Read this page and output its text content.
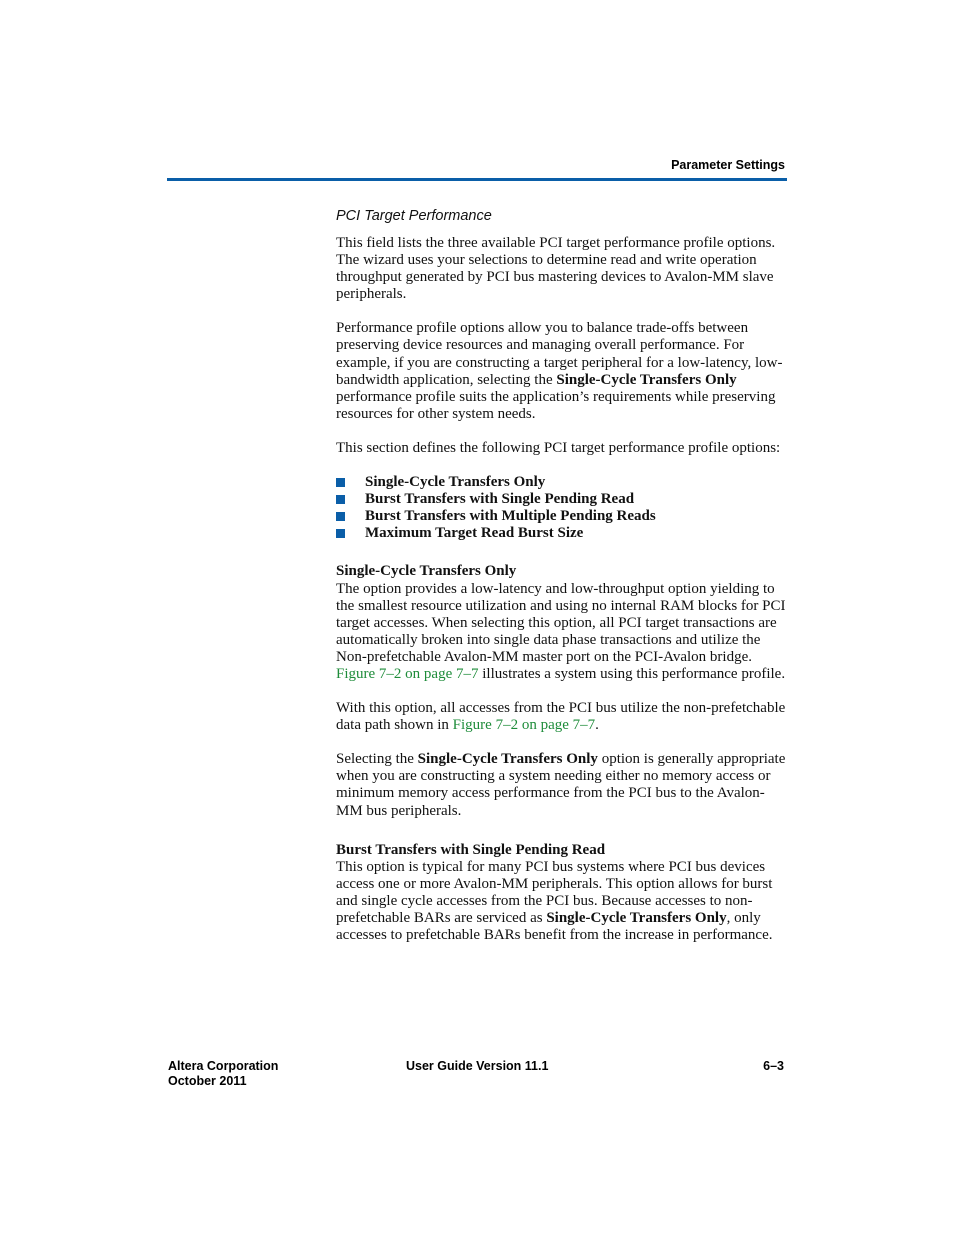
Parameter Settings
PCI Target Performance

This field lists the three available PCI target performance profile options. The wizard uses your selections to determine read and write operation throughput generated by PCI bus mastering devices to Avalon-MM slave peripherals.

Performance profile options allow you to balance trade-offs between preserving device resources and managing overall performance. For example, if you are constructing a target peripheral for a low-latency, low-bandwidth application, selecting the Single-Cycle Transfers Only performance profile suits the application’s requirements while preserving resources for other system needs.

This section defines the following PCI target performance profile options:

Single-Cycle Transfers Only
Burst Transfers with Single Pending Read
Burst Transfers with Multiple Pending Reads
Maximum Target Read Burst Size
Single-Cycle Transfers Only

The option provides a low-latency and low-throughput option yielding to the smallest resource utilization and using no internal RAM blocks for PCI target accesses. When selecting this option, all PCI target transactions are automatically broken into single data phase transactions and utilize the Non-prefetchable Avalon-MM master port on the PCI-Avalon bridge. Figure 7–2 on page 7–7 illustrates a system using this performance profile.

With this option, all accesses from the PCI bus utilize the non-prefetchable data path shown in Figure 7–2 on page 7–7.

Selecting the Single-Cycle Transfers Only option is generally appropriate when you are constructing a system needing either no memory access or minimum memory access performance from the PCI bus to the Avalon-MM bus peripherals.

Burst Transfers with Single Pending Read

This option is typical for many PCI bus systems where PCI bus devices access one or more Avalon-MM peripherals. This option allows for burst and single cycle accesses from the PCI bus. Because accesses to non-prefetchable BARs are serviced as Single-Cycle Transfers Only, only accesses to prefetchable BARs benefit from the increase in performance.

Altera Corporation
October 2011
User Guide Version 11.1	6–3
